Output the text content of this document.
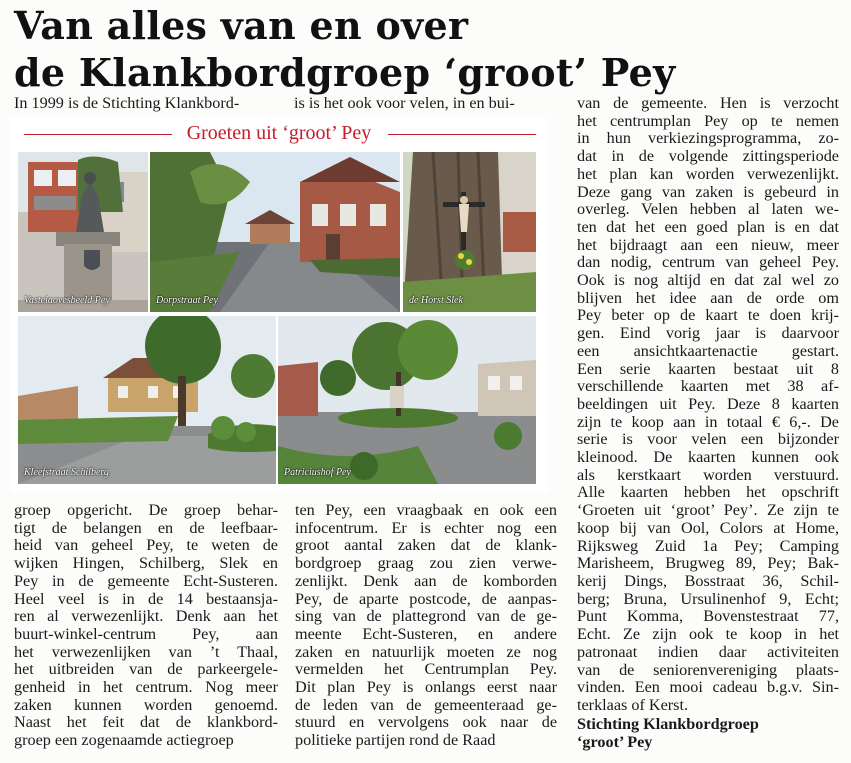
Van alles van en over
de Klankbordgroep ‘groot’ Pey
In 1999 is de Stichting Klankbord-	is is het ook voor velen, in en bui-
Groeten uit ‘groot’ Pey
Vastelaovesbeeld Pey	Dorpstraat Pey	de Horst Slek
Kleefstraat Schilberg	Patriciushof Pey
groep opgericht. De groep behar-
tigt de belangen en de leefbaar-
heid van geheel Pey, te weten de
wijken Hingen, Schilberg, Slek en
Pey in de gemeente Echt-Susteren.
Heel veel is in de 14 bestaansja-
ren al verwezenlijkt. Denk aan het
buurt-winkel-centrum Pey, aan
het verwezenlijken van ’t Thaal,
het uitbreiden van de parkeergele-
genheid in het centrum. Nog meer
zaken kunnen worden genoemd.
Naast het feit dat de klankbord-
groep een zogenaamde actiegroep
ten Pey, een vraagbaak en ook een
infocentrum. Er is echter nog een
groot aantal zaken dat de klank-
bordgroep graag zou zien verwe-
zenlijkt. Denk aan de komborden
Pey, de aparte postcode, de aanpas-
sing van de plattegrond van de ge-
meente Echt-Susteren, en andere
zaken en natuurlijk moeten ze nog
vermelden het Centrumplan Pey.
Dit plan Pey is onlangs eerst naar
de leden van de gemeenteraad ge-
stuurd en vervolgens ook naar de
politieke partijen rond de Raad
van de gemeente. Hen is verzocht
het centrumplan Pey op te nemen
in hun verkiezingsprogramma, zo-
dat in de volgende zittingsperiode
het plan kan worden verwezenlijkt.
Deze gang van zaken is gebeurd in
overleg. Velen hebben al laten we-
ten dat het een goed plan is en dat
het bijdraagt aan een nieuw, meer
dan nodig, centrum van geheel Pey.
Ook is nog altijd en dat zal wel zo
blijven het idee aan de orde om
Pey beter op de kaart te doen krij-
gen. Eind vorig jaar is daarvoor
een ansichtkaartenactie gestart.
Een serie kaarten bestaat uit 8
verschillende kaarten met 38 af-
beeldingen uit Pey. Deze 8 kaarten
zijn te koop aan in totaal € 6,-. De
serie is voor velen een bijzonder
kleinood. De kaarten kunnen ook
als kerstkaart worden verstuurd.
Alle kaarten hebben het opschrift
‘Groeten uit ‘groot’ Pey’. Ze zijn te
koop bij van Ool, Colors at Home,
Rijksweg Zuid 1a Pey; Camping
Marisheem, Brugweg 89, Pey; Bak-
kerij Dings, Bosstraat 36, Schil-
berg; Bruna, Ursulinenhof 9, Echt;
Punt Komma, Bovenstestraat 77,
Echt. Ze zijn ook te koop in het
patronaat indien daar activiteiten
van de seniorenvereniging plaats-
vinden. Een mooi cadeau b.g.v. Sin-
terklaas of Kerst.
Stichting Klankbordgroep
‘groot’ Pey
